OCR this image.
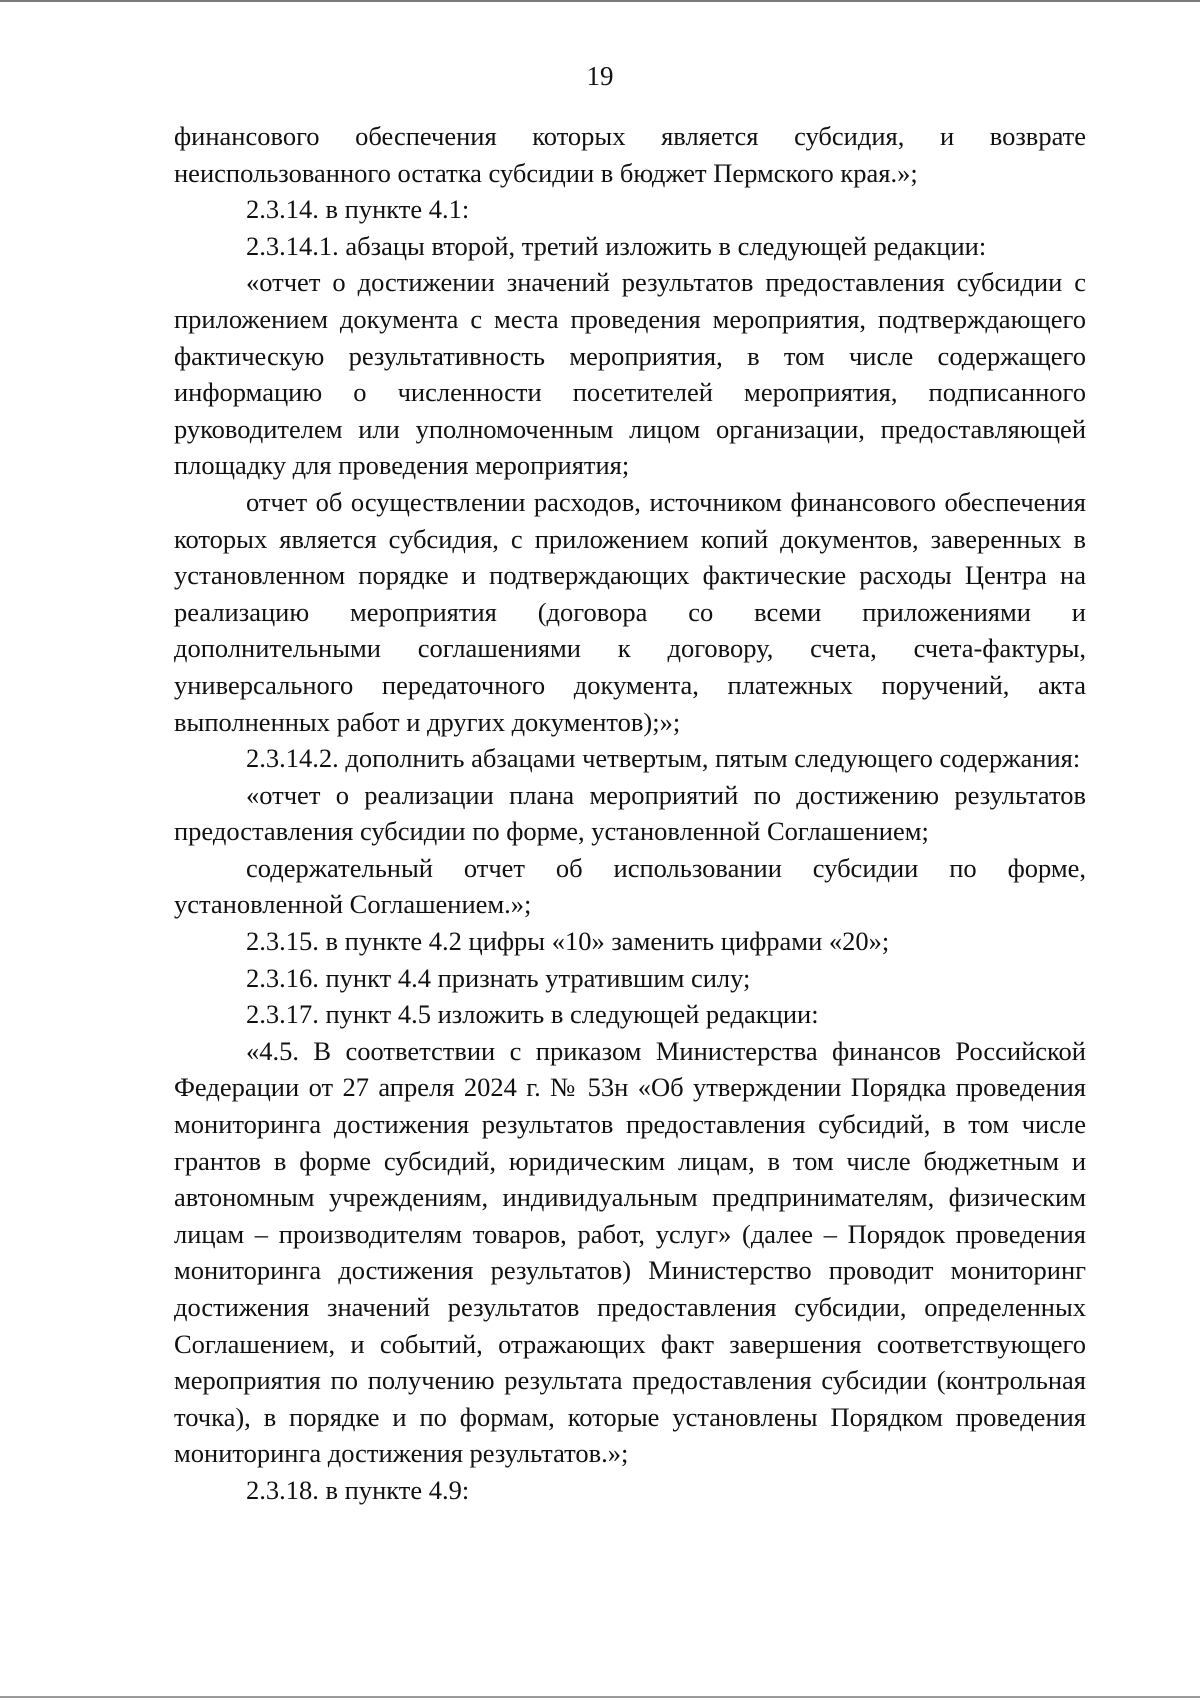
19

финансового обеспечения которых является субсидия, и возврате неиспользованного остатка субсидии в бюджет Пермского края.»;

2.3.14. в пункте 4.1:

2.3.14.1. абзацы второй, третий изложить в следующей редакции:

«отчет о достижении значений результатов предоставления субсидии с приложением документа с места проведения мероприятия, подтверждающего фактическую результативность мероприятия, в том числе содержащего информацию о численности посетителей мероприятия, подписанного руководителем или уполномоченным лицом организации, предоставляющей площадку для проведения мероприятия;

отчет об осуществлении расходов, источником финансового обеспечения которых является субсидия, с приложением копий документов, заверенных в установленном порядке и подтверждающих фактические расходы Центра на реализацию мероприятия (договора со всеми приложениями и дополнительными соглашениями к договору, счета, счета-фактуры, универсального передаточного документа, платежных поручений, акта выполненных работ и других документов);»;

2.3.14.2. дополнить абзацами четвертым, пятым следующего содержания:

«отчет о реализации плана мероприятий по достижению результатов предоставления субсидии по форме, установленной Соглашением;

содержательный отчет об использовании субсидии по форме, установленной Соглашением.»;

2.3.15. в пункте 4.2 цифры «10» заменить цифрами «20»;

2.3.16. пункт 4.4 признать утратившим силу;

2.3.17. пункт 4.5 изложить в следующей редакции:

«4.5. В соответствии с приказом Министерства финансов Российской Федерации от 27 апреля 2024 г. № 53н «Об утверждении Порядка проведения мониторинга достижения результатов предоставления субсидий, в том числе грантов в форме субсидий, юридическим лицам, в том числе бюджетным и автономным учреждениям, индивидуальным предпринимателям, физическим лицам – производителям товаров, работ, услуг» (далее – Порядок проведения мониторинга достижения результатов) Министерство проводит мониторинг достижения значений результатов предоставления субсидии, определенных Соглашением, и событий, отражающих факт завершения соответствующего мероприятия по получению результата предоставления субсидии (контрольная точка), в порядке и по формам, которые установлены Порядком проведения мониторинга достижения результатов.»;

2.3.18. в пункте 4.9:
